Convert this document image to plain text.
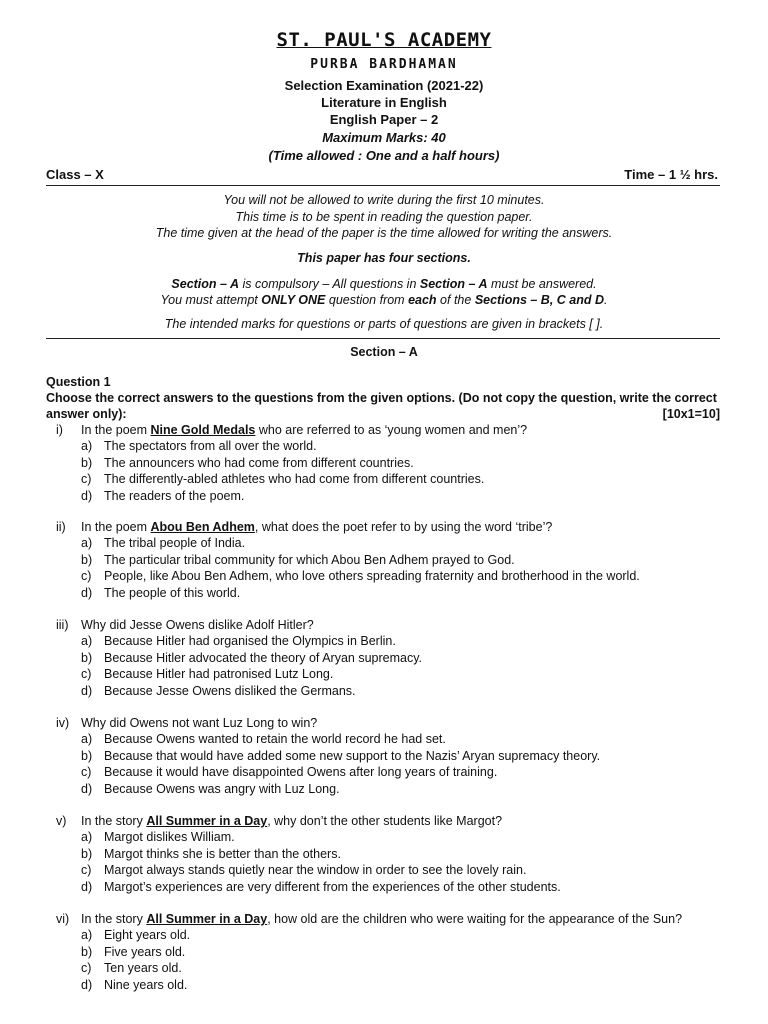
ST. PAUL'S ACADEMY
PURBA BARDHAMAN
Selection Examination (2021-22)
Literature in English
English Paper – 2
Maximum Marks: 40
(Time allowed : One and a half hours)
Class – X	Time – 1 ½ hrs.
You will not be allowed to write during the first 10 minutes.
This time is to be spent in reading the question paper.
The time given at the head of the paper is the time allowed for writing the answers.
This paper has four sections.
Section – A is compulsory – All questions in Section – A must be answered.
You must attempt ONLY ONE question from each of the Sections – B, C and D.
The intended marks for questions or parts of questions are given in brackets [ ].
Section – A
Question 1
Choose the correct answers to the questions from the given options. (Do not copy the question, write the correct
answer only):	[10x1=10]
i)	In the poem Nine Gold Medals who are referred to as ‘young women and men’?
a) The spectators from all over the world.
b) The announcers who had come from different countries.
c) The differently-abled athletes who had come from different countries.
d) The readers of the poem.
ii)	In the poem Abou Ben Adhem, what does the poet refer to by using the word ‘tribe’?
a) The tribal people of India.
b) The particular tribal community for which Abou Ben Adhem prayed to God.
c) People, like Abou Ben Adhem, who love others spreading fraternity and brotherhood in the world.
d) The people of this world.
iii)	Why did Jesse Owens dislike Adolf Hitler?
a) Because Hitler had organised the Olympics in Berlin.
b) Because Hitler advocated the theory of Aryan supremacy.
c) Because Hitler had patronised Lutz Long.
d) Because Jesse Owens disliked the Germans.
iv) Why did Owens not want Luz Long to win?
a) Because Owens wanted to retain the world record he had set.
b) Because that would have added some new support to the Nazis’ Aryan supremacy theory.
c) Because it would have disappointed Owens after long years of training.
d) Because Owens was angry with Luz Long.
v)	In the story All Summer in a Day, why don’t the other students like Margot?
a) Margot dislikes William.
b) Margot thinks she is better than the others.
c) Margot always stands quietly near the window in order to see the lovely rain.
d) Margot’s experiences are very different from the experiences of the other students.
vi) In the story All Summer in a Day, how old are the children who were waiting for the appearance of the Sun?
a) Eight years old.
b) Five years old.
c) Ten years old.
d) Nine years old.
